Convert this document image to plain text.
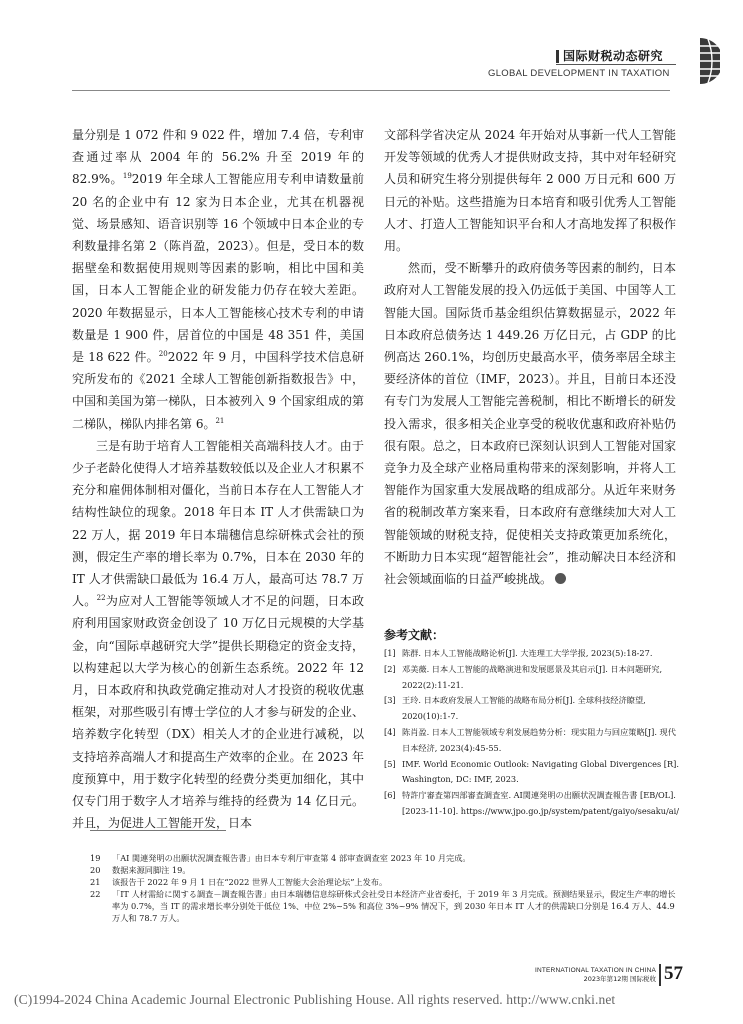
国际财税动态研究
GLOBAL DEVELOPMENT IN TAXATION

量分别是 1 072 件和 9 022 件，增加 7.4 倍，专利审查通过率从 2004 年的 56.2% 升至 2019 年的 82.9%。$^{19}$2019 年全球人工智能应用专利申请数量前 20 名的企业中有 12 家为日本企业，尤其在机器视觉、场景感知、语音识别等 16 个领域中日本企业的专利数量排名第 2（陈肖盈，2023）。但是，受日本的数据壁垒和数据使用规则等因素的影响，相比中国和美国，日本人工智能企业的研发能力仍存在较大差距。2020 年数据显示，日本人工智能核心技术专利的申请数量是 1 900 件，居首位的中国是 48 351 件，美国是 18 622 件。$^{20}$2022 年 9 月，中国科学技术信息研究所发布的《2021 全球人工智能创新指数报告》中，中国和美国为第一梯队，日本被列入 9 个国家组成的第二梯队，梯队内排名第 6。$^{21}$

三是有助于培育人工智能相关高端科技人才。由于少子老龄化使得人才培养基数较低以及企业人才积累不充分和雇佣体制相对僵化，当前日本存在人工智能人才结构性缺位的现象。2018 年日本 IT 人才供需缺口为 22 万人，据 2019 年日本瑞穗信息综研株式会社的预测，假定生产率的增长率为 0.7%，日本在 2030 年的 IT 人才供需缺口最低为 16.4 万人，最高可达 78.7 万人。$^{22}$为应对人工智能等领域人才不足的问题，日本政府利用国家财政资金创设了 10 万亿日元规模的大学基金，向“国际卓越研究大学”提供长期稳定的资金支持，以构建起以大学为核心的创新生态系统。2022 年 12 月，日本政府和执政党确定推动对人才投资的税收优惠框架，对那些吸引有博士学位的人才参与研发的企业、培养数字化转型（DX）相关人才的企业进行减税，以支持培养高端人才和提高生产效率的企业。在 2023 年度预算中，用于数字化转型的经费分类更加细化，其中仅专门用于数字人才培养与维持的经费为 14 亿日元。并且，为促进人工智能开发，日本

文部科学省决定从 2024 年开始对从事新一代人工智能开发等领域的优秀人才提供财政支持，其中对年轻研究人员和研究生将分别提供每年 2 000 万日元和 600 万日元的补贴。这些措施为日本培育和吸引优秀人工智能人才、打造人工智能知识平台和人才高地发挥了积极作用。

然而，受不断攀升的政府债务等因素的制约，日本政府对人工智能发展的投入仍远低于美国、中国等人工智能大国。国际货币基金组织估算数据显示，2022 年日本政府总债务达 1 449.26 万亿日元，占 GDP 的比例高达 260.1%，均创历史最高水平，债务率居全球主要经济体的首位（IMF，2023）。并且，目前日本还没有专门为发展人工智能完善税制，相比不断增长的研发投入需求，很多相关企业享受的税收优惠和政府补贴仍很有限。总之，日本政府已深刻认识到人工智能对国家竞争力及全球产业格局重构带来的深刻影响，并将人工智能作为国家重大发展战略的组成部分。从近年来财务省的税制改革方案来看，日本政府有意继续加大对人工智能领域的财税支持，促使相关支持政策更加系统化，不断助力日本实现“超智能社会”，推动解决日本经济和社会领域面临的日益严峻挑战。

参考文献：
[1] 陈群. 日本人工智能战略论析[J]. 大连理工大学学报, 2023(5):18-27.
[2] 邓美薇. 日本人工智能的战略演进和发展愿景及其启示[J]. 日本问题研究, 2022(2):11-21.
[3] 王玲. 日本政府发展人工智能的战略布局分析[J]. 全球科技经济瞭望, 2020(10):1-7.
[4] 陈肖盈. 日本人工智能领域专利发展趋势分析：现实阻力与回应策略[J]. 现代日本经济, 2023(4):45-55.
[5] IMF. World Economic Outlook: Navigating Global Divergences [R]. Washington, DC: IMF, 2023.
[6] 特許庁審査第四部審査調査室. AI関連発明の出願状況調査報告書 [EB/OL]. [2023-11-10]. https://www.jpo.go.jp/system/patent/gaiyo/sesaku/ai/
19 「AI 関連発明の出願状況調査報告書」由日本专利厅审查第 4 部审查调查室 2023 年 10 月完成。
20 数据来源同脚注 19。
21 该报告于 2022 年 9 月 1 日在“2022 世界人工智能大会治理论坛”上发布。
22 「IT 人材需給に関する調査－調査報告書」由日本瑞穗信息综研株式会社受日本经济产业省委托，于 2019 年 3 月完成。预测结果显示，假定生产率的增长率为 0.7%，当 IT 的需求增长率分别处于低位 1%、中位 2%~5% 和高位 3%~9% 情况下，到 2030 年日本 IT 人才的供需缺口分别是 16.4 万人、44.9 万人和 78.7 万人。
INTERNATIONAL TAXATION IN CHINA
2023年第12期 国际税收 57
(C)1994-2024 China Academic Journal Electronic Publishing House. All rights reserved. http://www.cnki.net
